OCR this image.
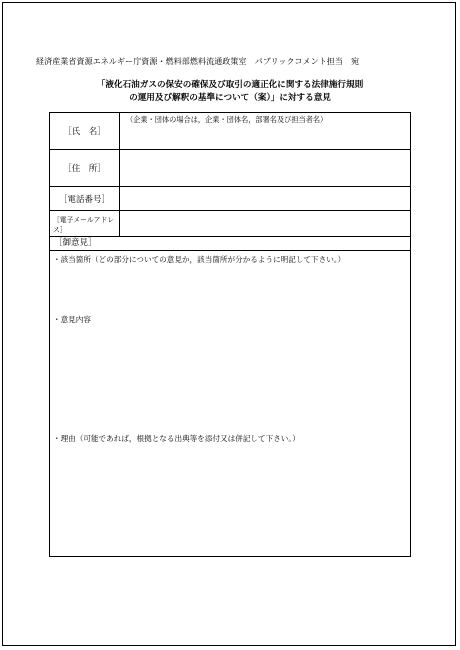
経済産業省資源エネルギー庁資源・燃料部燃料流通政策室　パブリックコメント担当　宛
「液化石油ガスの保安の確保及び取引の適正化に関する法律施行規則
の運用及び解釈の基準について（案）」に対する意見
［氏　名］
（企業・団体の場合は，企業・団体名，部署名及び担当者名）
［住　所］
［電話番号］
［電子メールアドレス］
［御意見］
・該当箇所（どの部分についての意見か，該当箇所が分かるように明記して下さい。）
・意見内容
・理由（可能であれば，根拠となる出典等を添付又は併記して下さい。）
